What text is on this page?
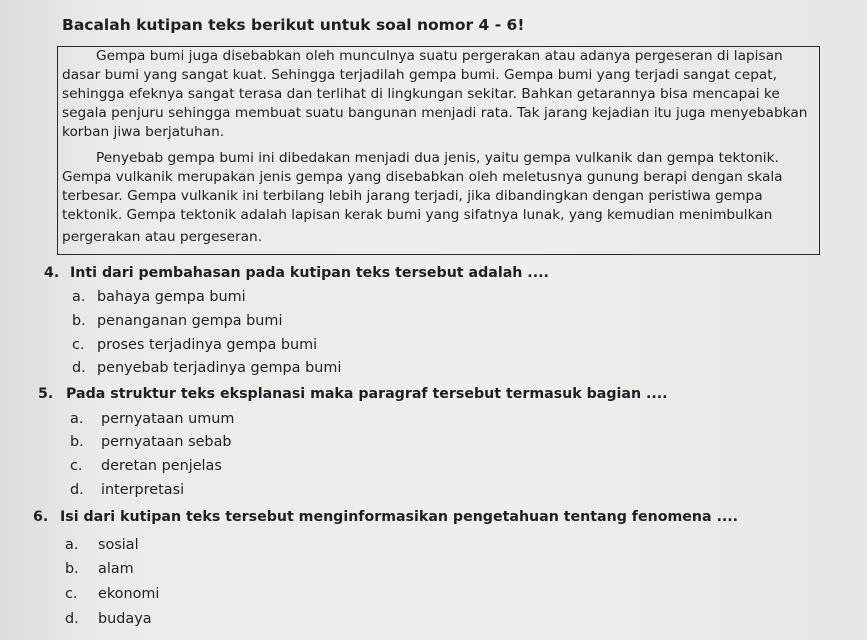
Bacalah kutipan teks berikut untuk soal nomor 4 - 6!
Gempa bumi juga disebabkan oleh munculnya suatu pergerakan atau adanya pergeseran di lapisan
dasar bumi yang sangat kuat. Sehingga terjadilah gempa bumi. Gempa bumi yang terjadi sangat cepat,
sehingga efeknya sangat terasa dan terlihat di lingkungan sekitar. Bahkan getarannya bisa mencapai ke
segala penjuru sehingga membuat suatu bangunan menjadi rata. Tak jarang kejadian itu juga menyebabkan
korban jiwa berjatuhan.
Penyebab gempa bumi ini dibedakan menjadi dua jenis, yaitu gempa vulkanik dan gempa tektonik.
Gempa vulkanik merupakan jenis gempa yang disebabkan oleh meletusnya gunung berapi dengan skala
terbesar. Gempa vulkanik ini terbilang lebih jarang terjadi, jika dibandingkan dengan peristiwa gempa
tektonik. Gempa tektonik adalah lapisan kerak bumi yang sifatnya lunak, yang kemudian menimbulkan
pergerakan atau pergeseran.
4. Inti dari pembahasan pada kutipan teks tersebut adalah ....
a. bahaya gempa bumi
b. penanganan gempa bumi
c. proses terjadinya gempa bumi
d. penyebab terjadinya gempa bumi
5. Pada struktur teks eksplanasi maka paragraf tersebut termasuk bagian ....
a. pernyataan umum
b. pernyataan sebab
c. deretan penjelas
d. interpretasi
6. Isi dari kutipan teks tersebut menginformasikan pengetahuan tentang fenomena ....
a. sosial
b. alam
c. ekonomi
d. budaya
